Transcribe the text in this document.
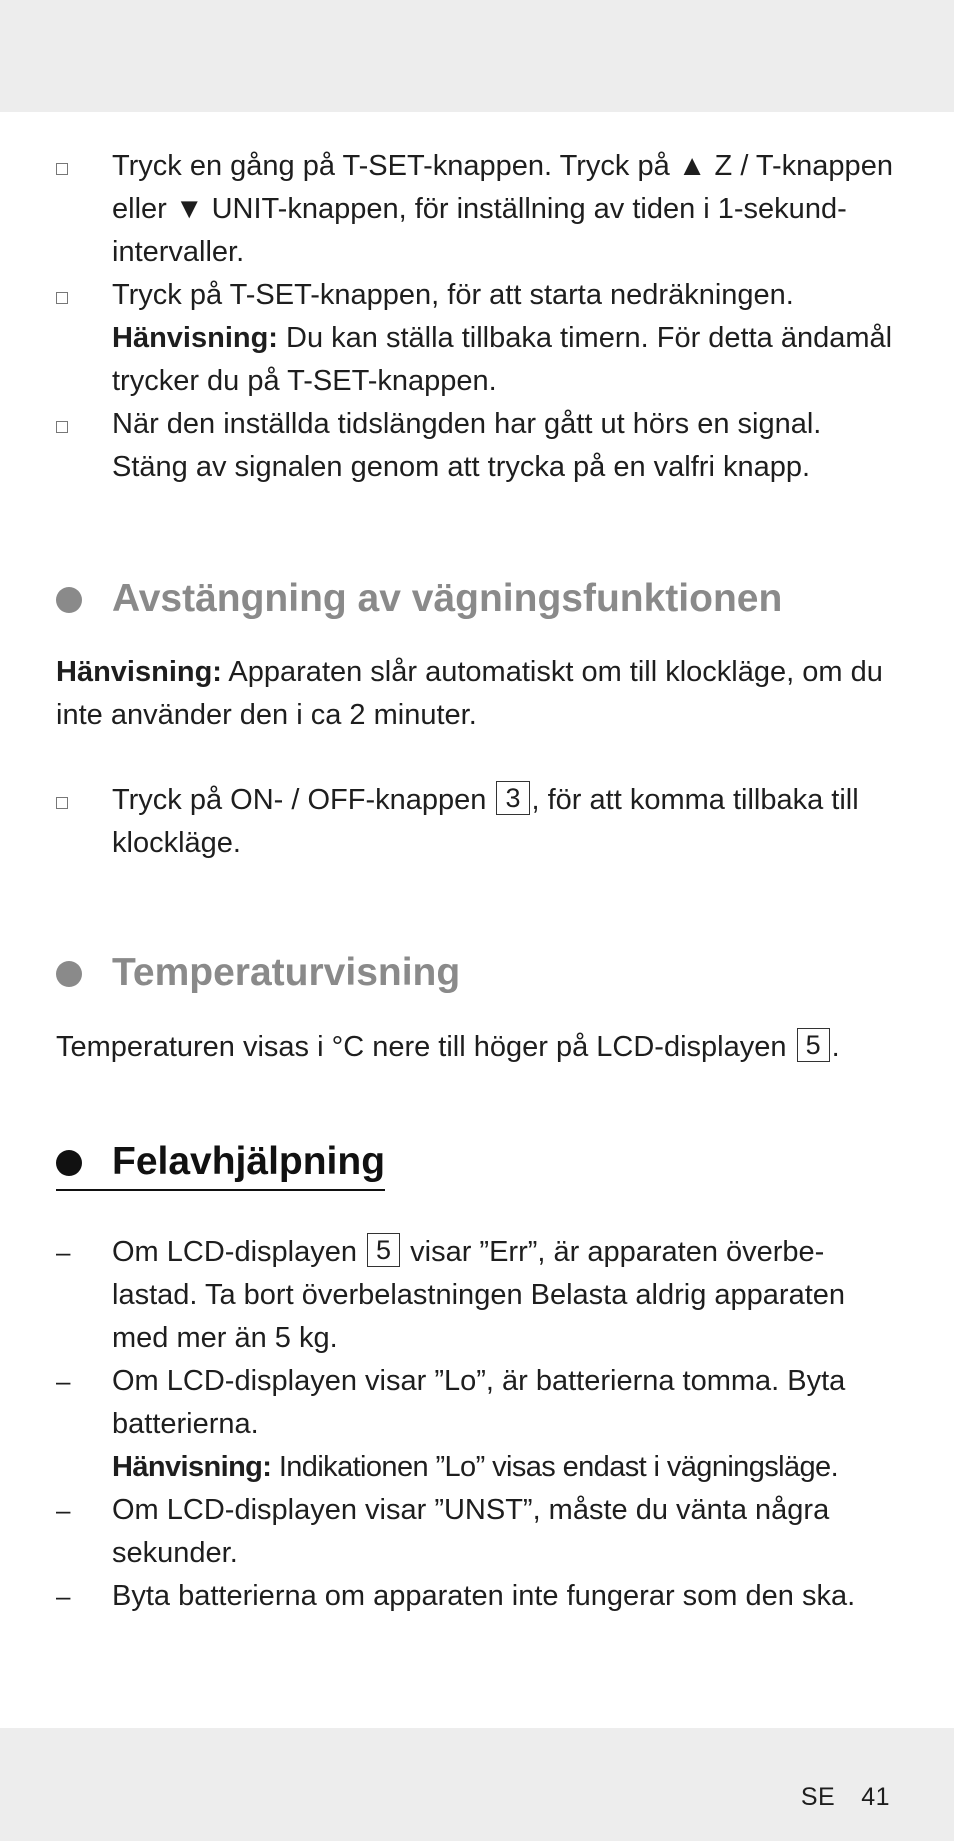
Tryck en gång på T-SET-knappen. Tryck på ▲ Z / T-knappen eller ▼ UNIT-knappen, för inställning av tiden i 1-sekund-intervaller.

Tryck på T-SET-knappen, för att starta nedräkningen.

Hänvisning: Du kan ställa tillbaka timern. För detta ändamål trycker du på T-SET-knappen.

När den inställda tidslängden har gått ut hörs en signal. Stäng av signalen genom att trycka på en valfri knapp.

Avstängning av vägningsfunktionen

Hänvisning: Apparaten slår automatiskt om till klockläge, om du inte använder den i ca 2 minuter.

Tryck på ON- / OFF-knappen 3 , för att komma tillbaka till klockläge.

Temperaturvisning

Temperaturen visas i °C nere till höger på LCD-displayen 5 .

Felavhjälpning
–	Om LCD-displayen 5 visar ”Err”, är apparaten överbe-lastad. Ta bort överbelastningen Belasta aldrig apparaten med mer än 5 kg.

–	Om LCD-displayen visar ”Lo”, är batterierna tomma. Byta batterierna.

Hänvisning: Indikationen ”Lo” visas endast i vägningsläge.

–	Om LCD-displayen visar ”UNST”, måste du vänta några sekunder.

–	Byta batterierna om apparaten inte fungerar som den ska.

SE 41
